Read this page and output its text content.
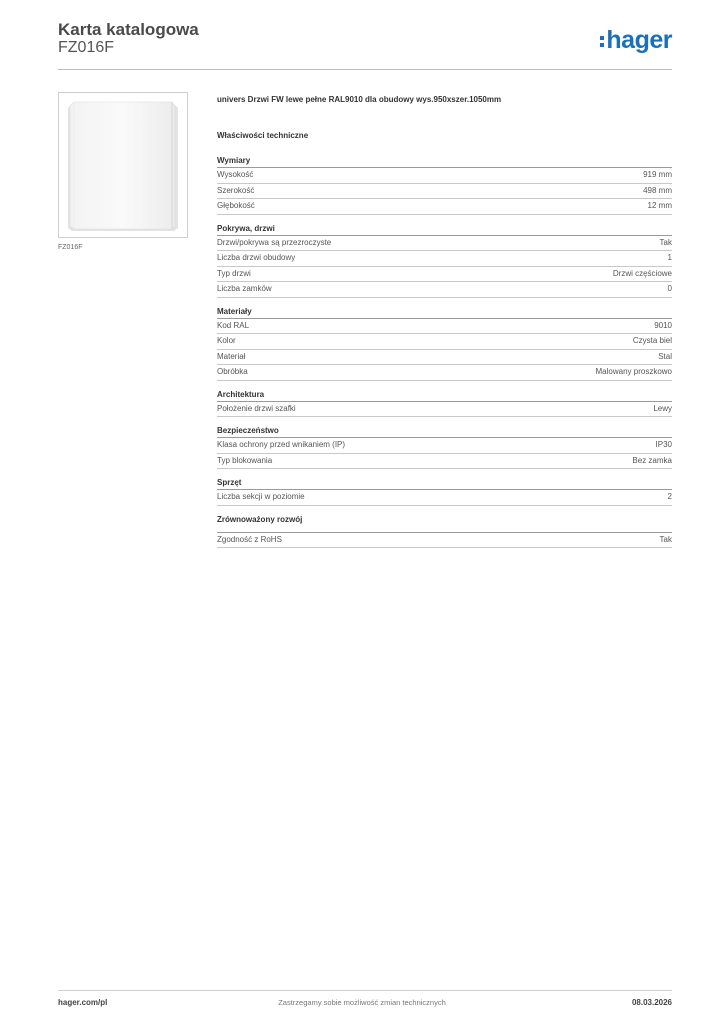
Karta katalogowa
FZ016F	hager
FZ016F
univers Drzwi FW lewe pełne RAL9010 dla obudowy wys.950xszer.1050mm
Właściwości techniczne
Wymiary
Wysokość	919 mm
Szerokość	498 mm
Głębokość	12 mm
Pokrywa, drzwi
Drzwi/pokrywa są przezroczyste	Tak
Liczba drzwi obudowy	1
Typ drzwi	Drzwi częściowe
Liczba zamków	0
Materiały
Kod RAL	9010
Kolor	Czysta biel
Materiał	Stal
Obróbka	Malowany proszkowo
Architektura
Położenie drzwi szafki	Lewy
Bezpieczeństwo
Klasa ochrony przed wnikaniem (IP)	IP30
Typ blokowania	Bez zamka
Sprzęt
Liczba sekcji w poziomie	2
Zrównoważony rozwój
Zgodność z RoHS	Tak
hager.com/pl	Zastrzegamy sobie możliwość zmian technicznych	08.03.2026
